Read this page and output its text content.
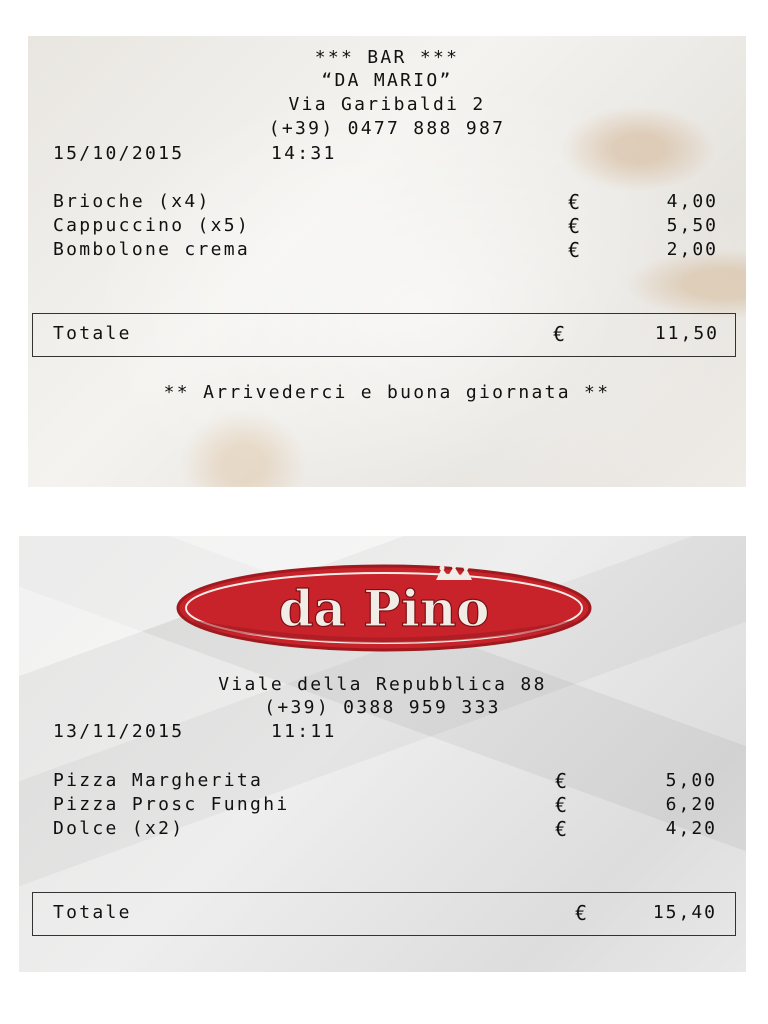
*** BAR ***
“DA MARIO”
Via Garibaldi 2
(+39) 0477 888 987
15/10/2015	14:31
Brioche (x4)	€	4,00
Cappuccino (x5)	€	5,50
Bombolone crema	€	2,00
Totale	€	11,50
** Arrivederci e buona giornata **
da Pino
Viale della Repubblica 88
(+39) 0388 959 333
13/11/2015	11:11
Pizza Margherita	€	5,00
Pizza Prosc Funghi	€	6,20
Dolce (x2)	€	4,20
Totale	€	15,40
